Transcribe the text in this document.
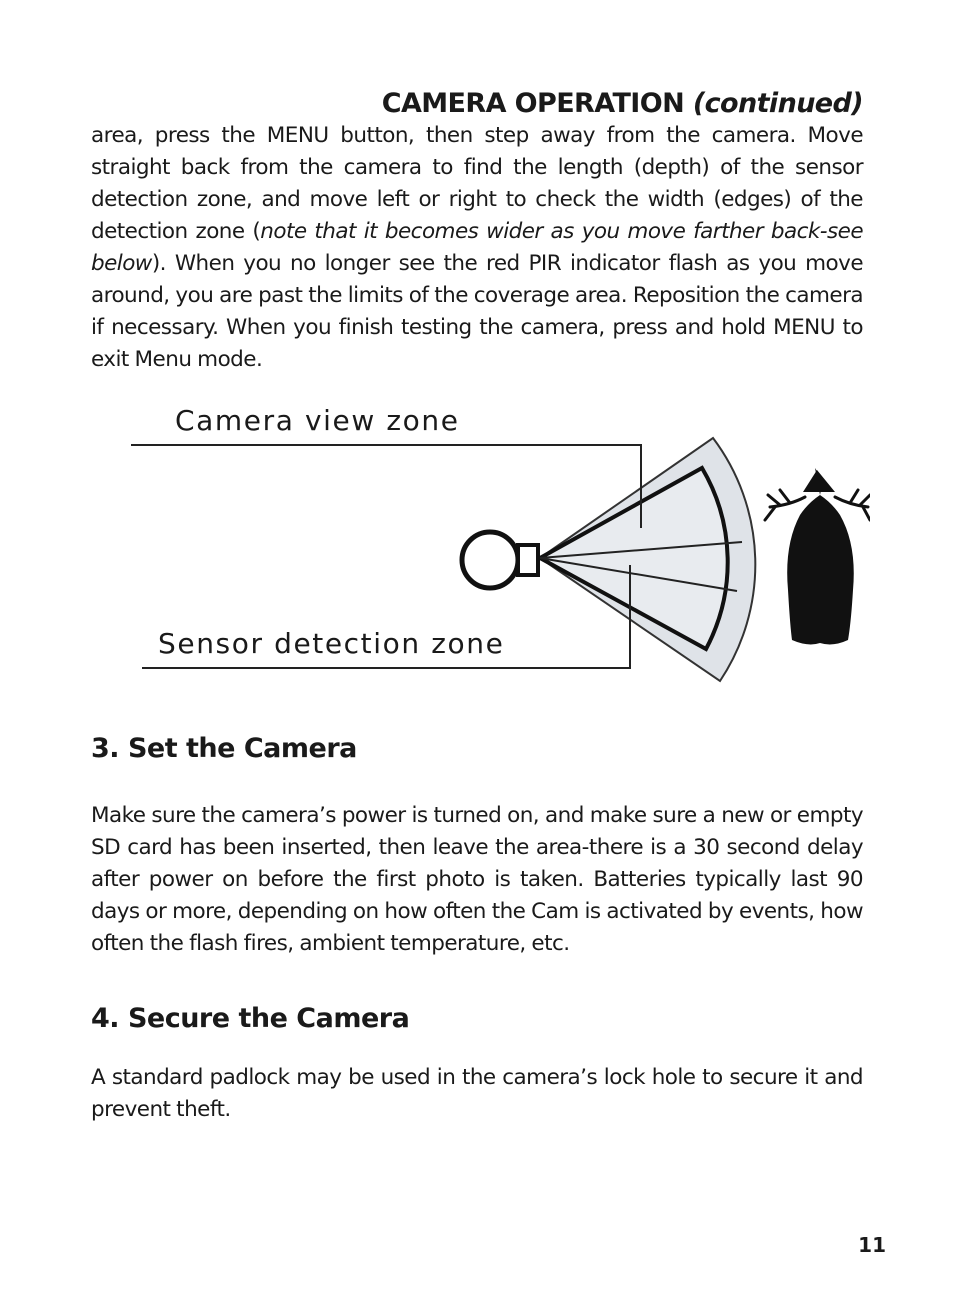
CAMERA OPERATION (continued)

area, press the MENU button, then step away from the camera. Move straight back from the camera to find the length (depth) of the sensor detection zone, and move left or right to check the width (edges) of the detection zone (note that it becomes wider as you move farther back-see below). When you no longer see the red PIR indicator flash as you move around, you are past the limits of the coverage area. Reposition the camera if necessary. When you finish testing the camera, press and hold MENU to exit Menu mode.

Camera view zone
Sensor detection zone
3. Set the Camera

Make sure the camera’s power is turned on, and make sure a new or empty SD card has been inserted, then leave the area-there is a 30 second delay after power on before the first photo is taken. Batteries typically last 90 days or more, depending on how often the Cam is activated by events, how often the flash fires, ambient temperature, etc.

4. Secure the Camera

A standard padlock may be used in the camera’s lock hole to secure it and prevent theft.

11
